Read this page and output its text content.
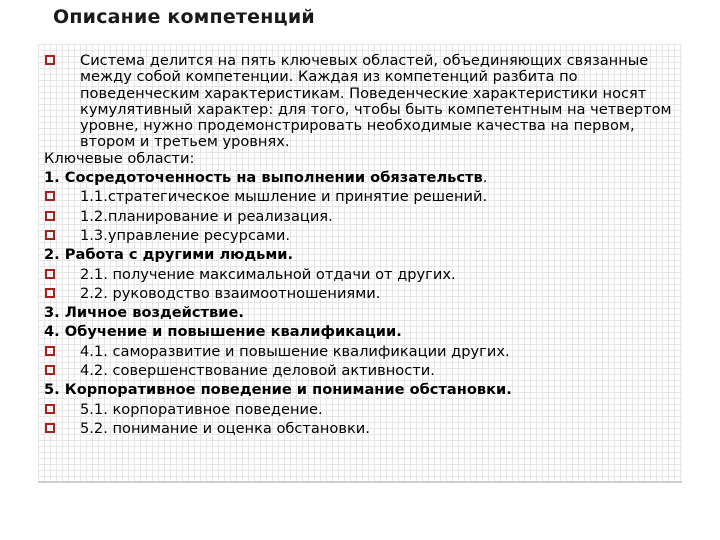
Описание компетенций
Система делится на пять ключевых областей, объединяющих связанные между собой компетенции. Каждая из компетенций разбита по поведенческим характеристикам. Поведенческие характеристики носят кумулятивный характер: для того, чтобы быть компетентным на четвертом уровне, нужно продемонстрировать необходимые качества на первом, втором и третьем уровнях.
Ключевые области:
1. Сосредоточенность на выполнении обязательств.
1.1.стратегическое мышление и принятие решений.
1.2.планирование и реализация.
1.3.управление ресурсами.
2. Работа с другими людьми.
2.1. получение максимальной отдачи от других.
2.2. руководство взаимоотношениями.
3. Личное воздействие.
4. Обучение и повышение квалификации.
4.1. саморазвитие и повышение квалификации других.
4.2. совершенствование деловой активности.
5. Корпоративное поведение и понимание обстановки.
5.1. корпоративное поведение.
5.2. понимание и оценка обстановки.
